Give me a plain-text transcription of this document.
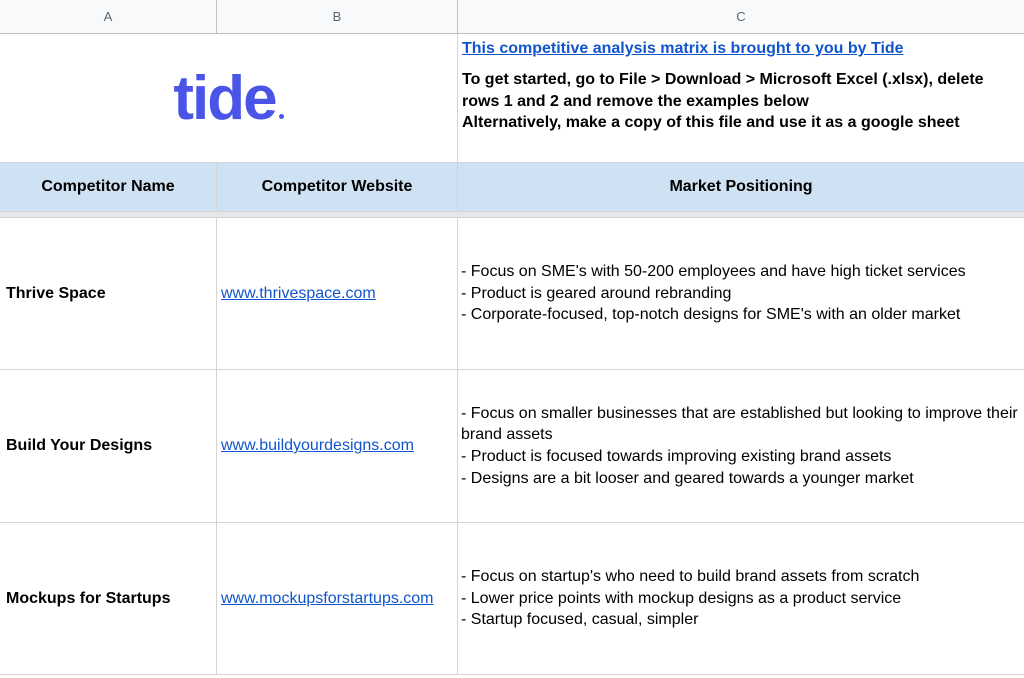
A	B	C
tide
This competitive analysis matrix is brought to you by Tide
To get started, go to File > Download > Microsoft Excel (.xlsx), delete rows 1 and 2 and remove the examples below
Alternatively, make a copy of this file and use it as a google sheet
Competitor Name	Competitor Website	Market Positioning
Thrive Space	www.thrivespace.com
- Focus on SME's with 50-200 employees and have high ticket services
- Product is geared around rebranding
- Corporate-focused, top-notch designs for SME's with an older market
Build Your Designs	www.buildyourdesigns.com
- Focus on smaller businesses that are established but looking to improve their brand assets
- Product is focused towards improving existing brand assets
- Designs are a bit looser and geared towards a younger market
Mockups for Startups	www.mockupsforstartups.com
- Focus on startup's who need to build brand assets from scratch
- Lower price points with mockup designs as a product service
- Startup focused, casual, simpler
